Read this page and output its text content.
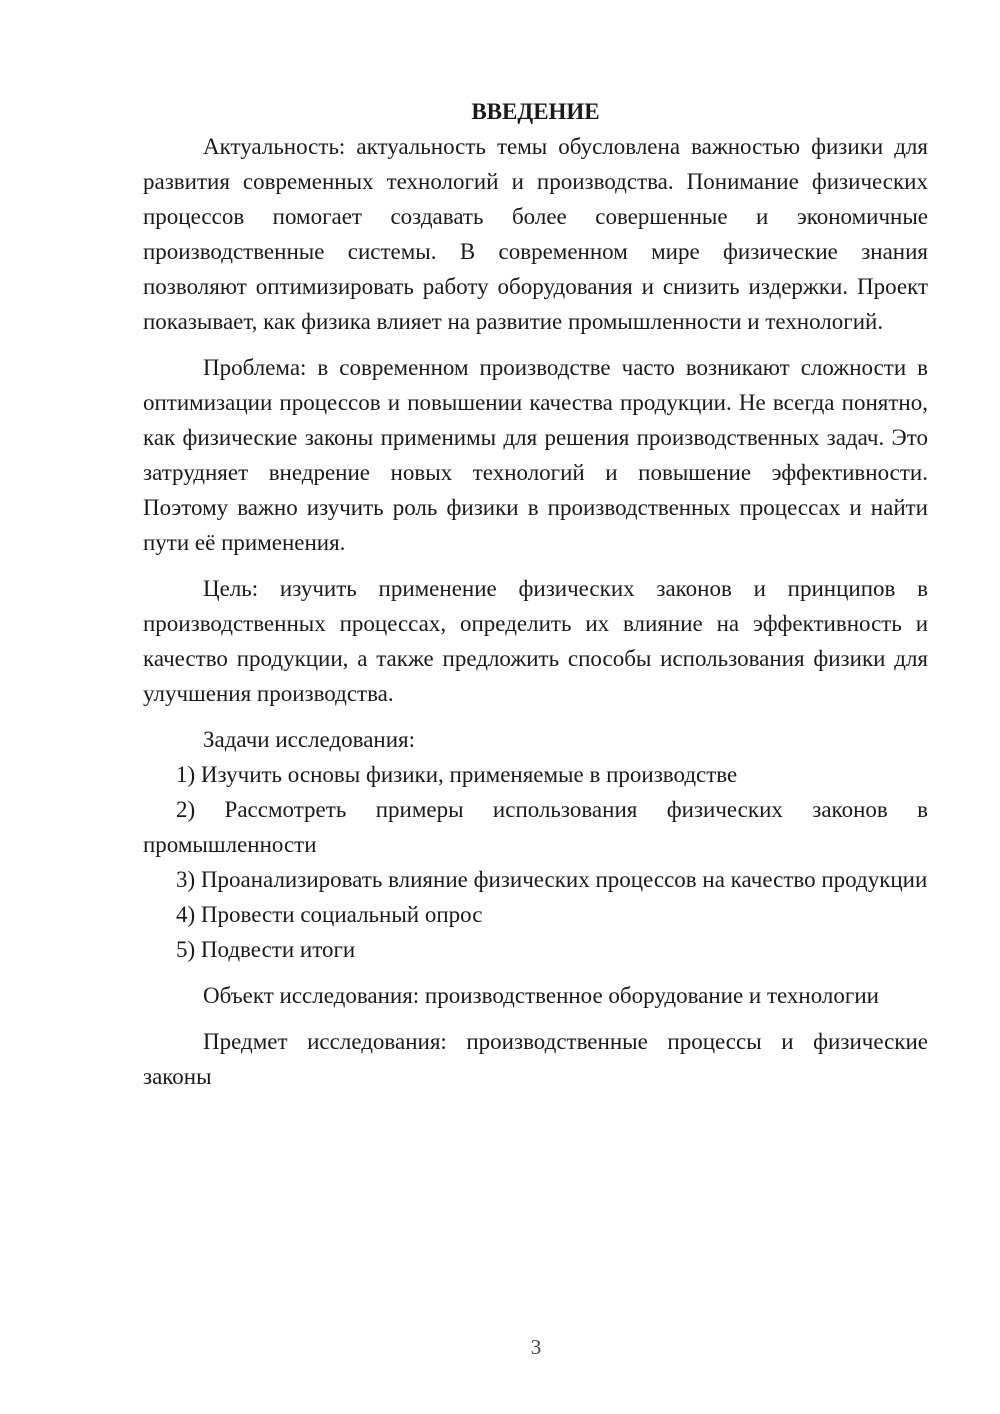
ВВЕДЕНИЕ

Актуальность: актуальность темы обусловлена важностью физики для развития современных технологий и производства. Понимание физических процессов помогает создавать более совершенные и экономичные производственные системы. В современном мире физические знания позволяют оптимизировать работу оборудования и снизить издержки. Проект показывает, как физика влияет на развитие промышленности и технологий.

Проблема: в современном производстве часто возникают сложности в оптимизации процессов и повышении качества продукции. Не всегда понятно, как физические законы применимы для решения производственных задач. Это затрудняет внедрение новых технологий и повышение эффективности. Поэтому важно изучить роль физики в производственных процессах и найти пути её применения.

Цель: изучить применение физических законов и принципов в производственных процессах, определить их влияние на эффективность и качество продукции, а также предложить способы использования физики для улучшения производства.

Задачи исследования:

1) Изучить основы физики, применяемые в производстве

2) Рассмотреть примеры использования физических законов в промышленности

3) Проанализировать влияние физических процессов на качество продукции

4) Провести социальный опрос

5) Подвести итоги

Объект исследования: производственное оборудование и технологии

Предмет исследования: производственные процессы и физические законы

3
